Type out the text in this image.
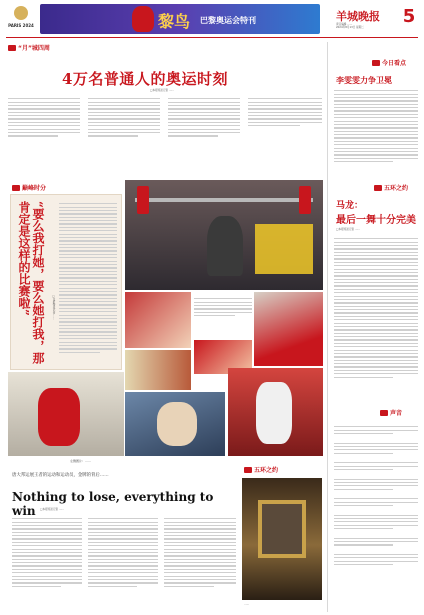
PARIS 2024	黎鸟 巴黎奥运会特刊	羊城晚报 5
责任编辑 ……
2024年8月13日 星期二
“月”城四周
4万名普通人的奥运时刻
□本报特派记者 ……
今日看点
李雯雯力争卫冕
五环之约
马龙：
最后一舞十分完美
□本报特派记者 ……
声音
巅峰时分
“要么我打她，要么她打我，那肯定是这样的比赛啦”	□本报特派记者 ……
左侧图片：……
唐大邦运展王者的运动和运动员，金牌的背后……
Nothing to lose, everything to win	□本报特派记者 ……
五环之约
……
